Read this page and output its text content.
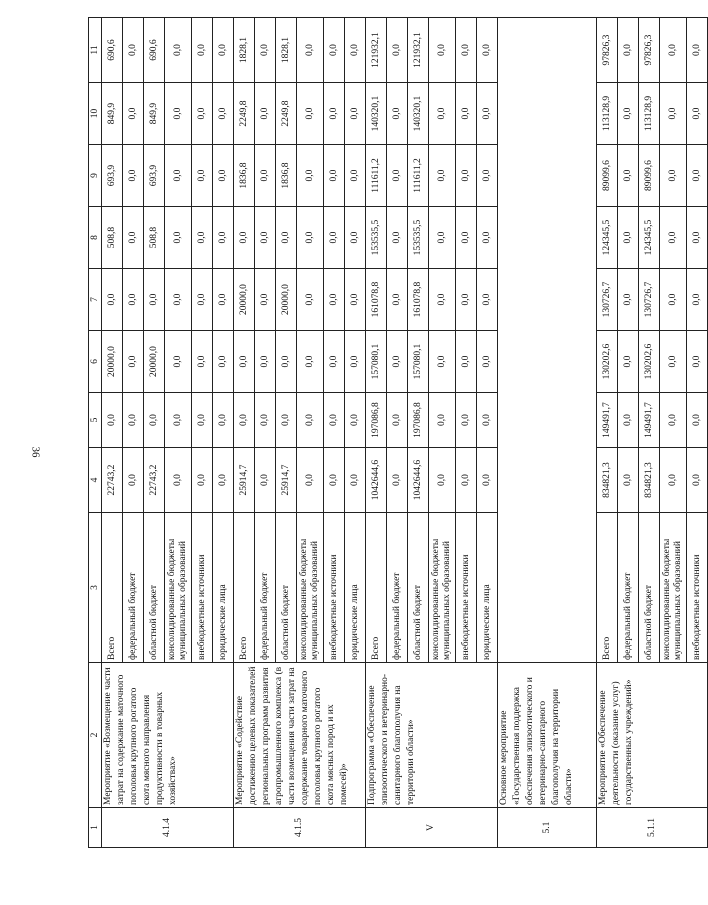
36
1	2	3	4	5	6	7	8	9	10	11
4.1.4	Мероприятие «Возмещение части затрат на содержание маточного поголовья крупного рогатого скота мясного направления продуктивности в товарных хозяйствах»	Всего	22743,2	0,0	20000,0	0,0	508,8	693,9	849,9	690,6
		федеральный бюджет	0,0	0,0	0,0	0,0	0,0	0,0	0,0	0,0
		областной бюджет	22743,2	0,0	20000,0	0,0	508,8	693,9	849,9	690,6
		консолидированные бюджеты муниципальных образований	0,0	0,0	0,0	0,0	0,0	0,0	0,0	0,0
		внебюджетные источники	0,0	0,0	0,0	0,0	0,0	0,0	0,0	0,0
		юридические лица	0,0	0,0	0,0	0,0	0,0	0,0	0,0	0,0
4.1.5	Мероприятие «Содействие достижению целевых показателей региональных программ развития агропромышленного комплекса (в части возмещения части затрат на содержание товарного маточного поголовья крупного рогатого скота мясных пород и их помесей)»	Всего	25914,7	0,0	0,0	20000,0	0,0	1836,8	2249,8	1828,1
		федеральный бюджет	0,0	0,0	0,0	0,0	0,0	0,0	0,0	0,0
		областной бюджет	25914,7	0,0	0,0	20000,0	0,0	1836,8	2249,8	1828,1
		консолидированные бюджеты муниципальных образований	0,0	0,0	0,0	0,0	0,0	0,0	0,0	0,0
		внебюджетные источники	0,0	0,0	0,0	0,0	0,0	0,0	0,0	0,0
		юридические лица	0,0	0,0	0,0	0,0	0,0	0,0	0,0	0,0
V	Подпрограмма «Обеспечение эпизоотического и ветеринарно-санитарного благополучия на территории области»	Всего	1042644,6	197086,8	157080,1	161078,8	153535,5	111611,2	140320,1	121932,1
		федеральный бюджет	0,0	0,0	0,0	0,0	0,0	0,0	0,0	0,0
		областной бюджет	1042644,6	197086,8	157080,1	161078,8	153535,5	111611,2	140320,1	121932,1
		консолидированные бюджеты муниципальных образований	0,0	0,0	0,0	0,0	0,0	0,0	0,0	0,0
		внебюджетные источники	0,0	0,0	0,0	0,0	0,0	0,0	0,0	0,0
		юридические лица	0,0	0,0	0,0	0,0	0,0	0,0	0,0	0,0
5.1	Основное мероприятие «Государственная поддержка обеспечения эпизоотического и ветеринарно-санитарного благополучия на территории области»									
5.1.1	Мероприятие «Обеспечение деятельности (оказание услуг) государственных учреждений»	Всего	834821,3	149491,7	130202,6	130726,7	124345,5	89099,6	113128,9	97826,3
		федеральный бюджет	0,0	0,0	0,0	0,0	0,0	0,0	0,0	0,0
		областной бюджет	834821,3	149491,7	130202,6	130726,7	124345,5	89099,6	113128,9	97826,3
		консолидированные бюджеты муниципальных образований	0,0	0,0	0,0	0,0	0,0	0,0	0,0	0,0
		внебюджетные источники	0,0	0,0	0,0	0,0	0,0	0,0	0,0	0,0
